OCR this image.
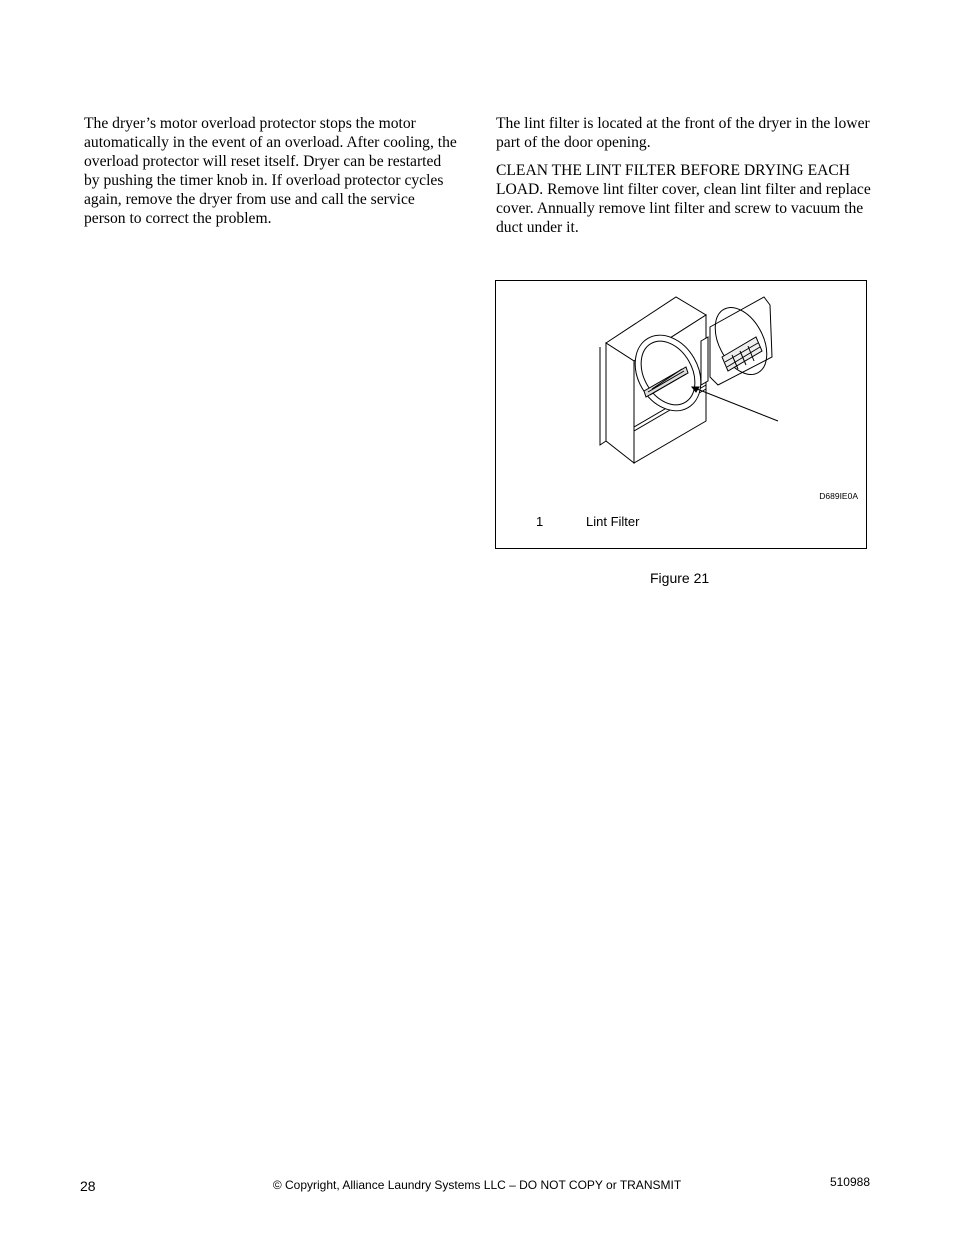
The dryer’s motor overload protector stops the motor automatically in the event of an overload. After cooling, the overload protector will reset itself. Dryer can be restarted by pushing the timer knob in. If overload protector cycles again, remove the dryer from use and call the service person to correct the problem.

The lint filter is located at the front of the dryer in the lower part of the door opening.

CLEAN THE LINT FILTER BEFORE DRYING EACH LOAD. Remove lint filter cover, clean lint filter and replace cover. Annually remove lint filter and screw to vacuum the duct under it.

D689IE0A
1	Lint Filter
Figure 21
28	© Copyright, Alliance Laundry Systems LLC – DO NOT COPY or TRANSMIT	510988
